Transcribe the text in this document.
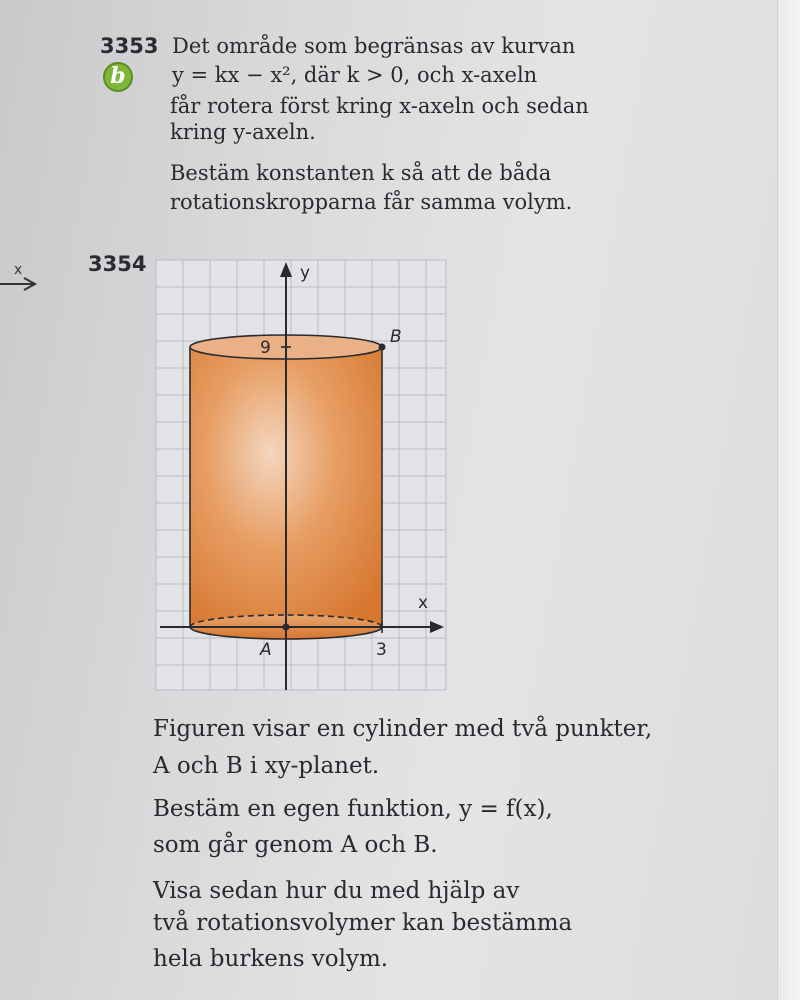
3353
b
Det område som begränsas av kurvan
y = kx − x², där k > 0, och x-axeln
får rotera först kring x-axeln och sedan
kring y-axeln.
Bestäm konstanten k så att de båda
rotationskropparna får samma volym.
x	3354	y
x
B
A
9
3
Figuren visar en cylinder med två punkter,
A och B i xy-planet.
Bestäm en egen funktion, y = f(x),
som går genom A och B.
Visa sedan hur du med hjälp av
två rotationsvolymer kan bestämma
hela burkens volym.
